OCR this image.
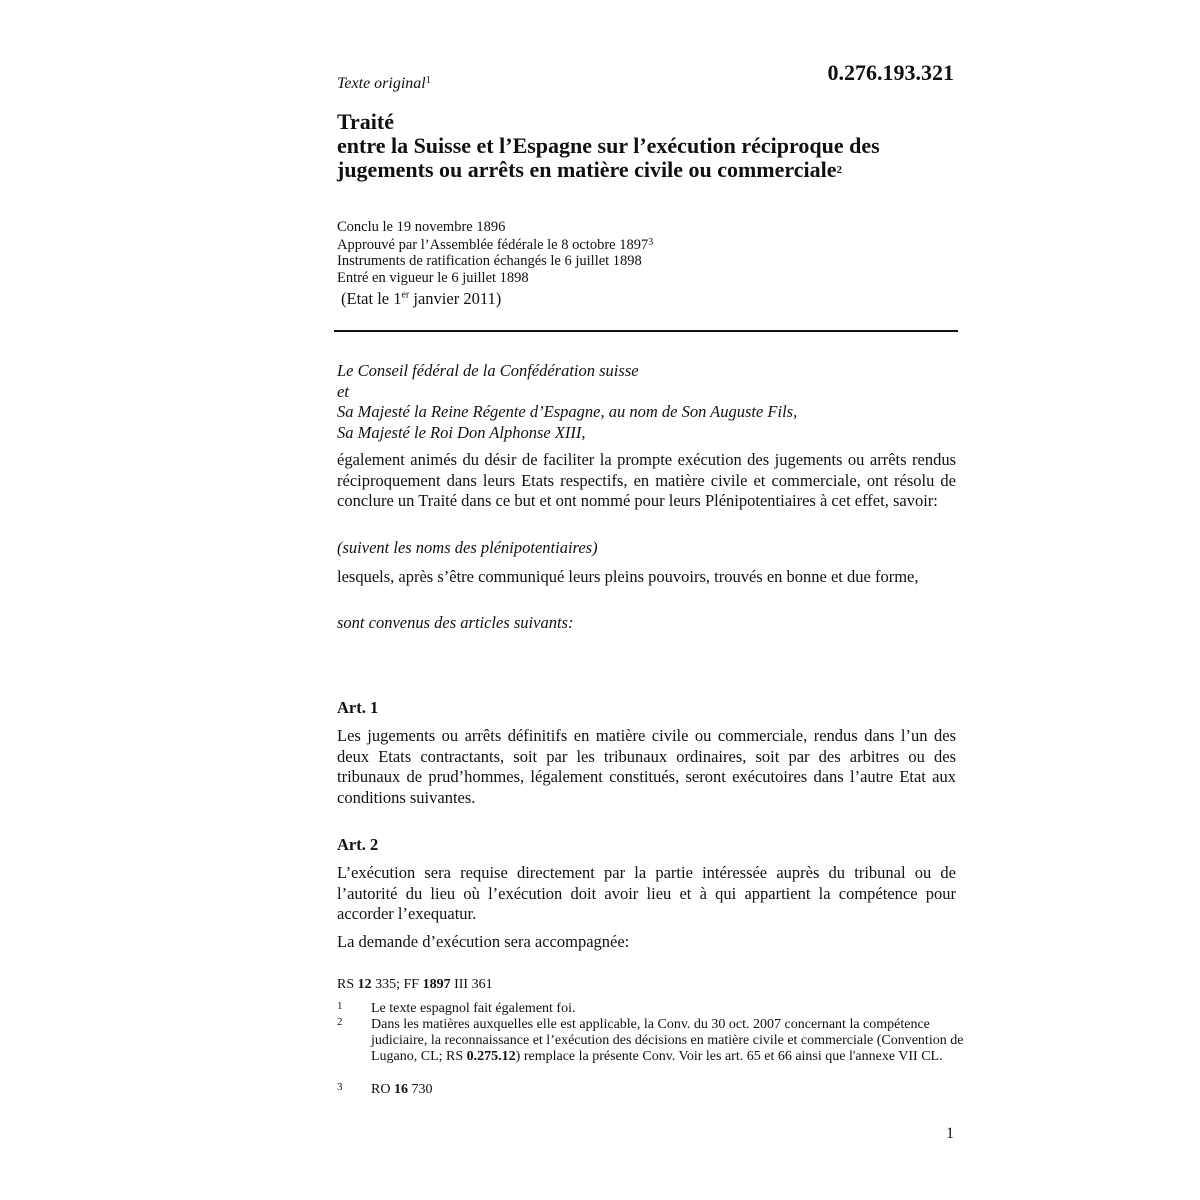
Texte original$^1$	0.276.193.321
Traité
entre la Suisse et l’Espagne sur l’exécution réciproque des
jugements ou arrêts en matière civile ou commerciale$^2$
Conclu le 19 novembre 1896
Approuvé par l’Assemblée fédérale le 8 octobre 1897$^3$
Instruments de ratification échangés le 6 juillet 1898
Entré en vigueur le 6 juillet 1898
(Etat le 1er janvier 2011)
Le Conseil fédéral de la Confédération suisse
et
Sa Majesté la Reine Régente d’Espagne, au nom de Son Auguste Fils,
Sa Majesté le Roi Don Alphonse XIII,
également animés du désir de faciliter la prompte exécution des jugements ou arrêts rendus réciproquement dans leurs Etats respectifs, en matière civile et commerciale, ont résolu de conclure un Traité dans ce but et ont nommé pour leurs Plénipotentiaires à cet effet, savoir:
(suivent les noms des plénipotentiaires)
lesquels, après s’être communiqué leurs pleins pouvoirs, trouvés en bonne et due forme,
sont convenus des articles suivants:
Art. 1
Les jugements ou arrêts définitifs en matière civile ou commerciale, rendus dans l’un des deux Etats contractants, soit par les tribunaux ordinaires, soit par des arbitres ou des tribunaux de prud’hommes, légalement constitués, seront exécutoires dans l’autre Etat aux conditions suivantes.
Art. 2
L’exécution sera requise directement par la partie intéressée auprès du tribunal ou de l’autorité du lieu où l’exécution doit avoir lieu et à qui appartient la compétence pour accorder l’exequatur.
La demande d’exécution sera accompagnée:
RS 12 335; FF 1897 III 361
1 Le texte espagnol fait également foi.
2 Dans les matières auxquelles elle est applicable, la Conv. du 30 oct. 2007 concernant la compétence judiciaire, la reconnaissance et l’exécution des décisions en matière civile et commerciale (Convention de Lugano, CL; RS 0.275.12) remplace la présente Conv. Voir les art. 65 et 66 ainsi que l'annexe VII CL.
3 RO 16 730
1
